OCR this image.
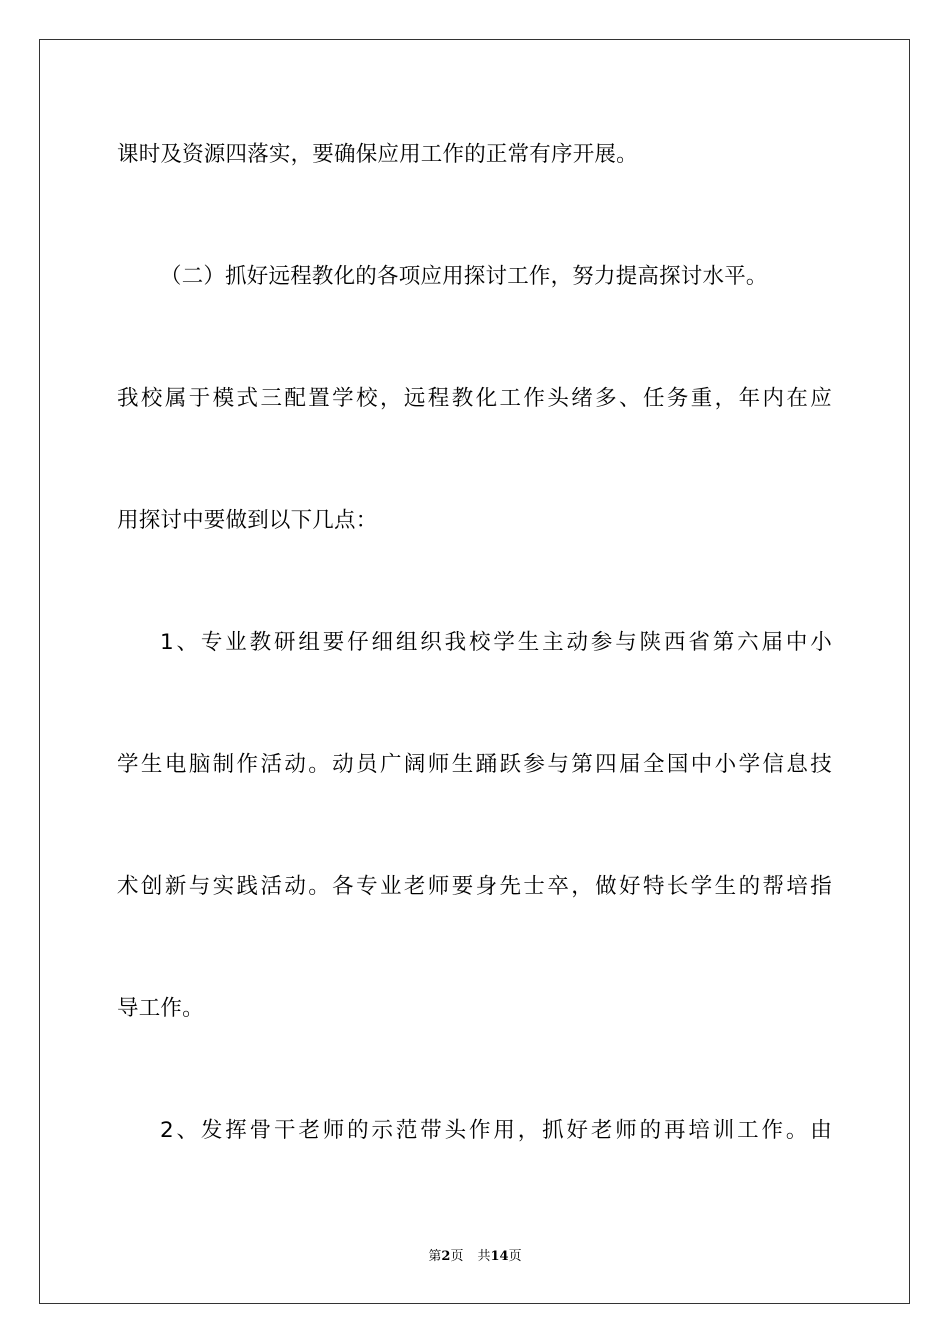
课时及资源四落实，要确保应用工作的正常有序开展。
（二）抓好远程教化的各项应用探讨工作，努力提高探讨水平。
我校属于模式三配置学校，远程教化工作头绪多、任务重，年内在应
用探讨中要做到以下几点：
1、专业教研组要仔细组织我校学生主动参与陕西省第六届中小
学生电脑制作活动。动员广阔师生踊跃参与第四届全国中小学信息技
术创新与实践活动。各专业老师要身先士卒，做好特长学生的帮培指
导工作。
2、发挥骨干老师的示范带头作用，抓好老师的再培训工作。由
第2页 共14页
